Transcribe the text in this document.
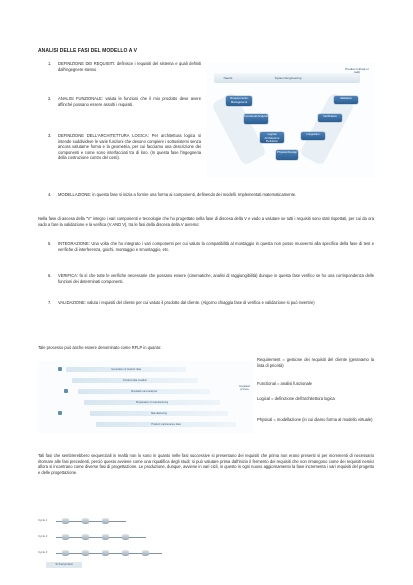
ANALISI DELLE FASI DEL MODELLO A V
1. DEFINIZIONE DEI REQUISITI: definisce i requisiti del sistema e quali definiti dall'ingegnere stesso
2. ANALISI FUNZIONALE: valuta le funzioni che il mio prodotto deve avere affinché possano essere assolti i requisiti.
3. DEFINIZIONE DELL'ARCHITETTURA LOGICA: Per architettura logica si intende suddividere le varie funzioni che devono compiere i sottosistemi senza ancora valutarne forma e la geometria, per cui facciamo una descrizione dei componenti e come sono interfacciati tra di loro. (In questa fase l'ingegneria della costruzione contro del costi).
4. MODELLAZIONE: in questa fase si inizia a fornire una forma ai componenti, definendo dei modelli. Implementati matematicamente.
Needs	System Engineering
Product (virtual or real)
Requirements Management
Functional Analysis
Logical Architecture Definition
Physical Design
Integration
Verification
Validation
Nella fase di ascesa della "V" integro i vari componenti e tecnologie che ho progettato nella fase di discesa della V e vado a valutare se tutti i requisiti sono stati rispettati, per cui da ora vado a fare la validazione e la verifica (V AND V), tra le fasi della discesa della V avremo:
5. INTEGRAZIONE: Una volta che ho integrato i vari componenti per cui valuto la compatibilità al montaggio in questa non posso muovermi alla specifica della fase di test e verifiche di interferenza, giochi, montaggio e smontaggio, etc.
6. VERIFICA: fa sì che tutte le verifiche necessarie che possano essere (cinematiche, analisi di raggiungibilità) dunque in questa fase verifico se ho una corrispondenza delle funzioni dei determinati componenti.
7. VALIDAZIONE: valuta i requisiti del cliente per cui valuto il prodotto dal cliente. (Algorno chiaggia fase di verifica e validazione si può invertire)
Tale processo può anche essere denominato come RFLP in quanto:
Generation of product data
Product data creation
Simulation and analysis
Preparation of manufacturing
Manufacturing
Product maintenance data
Integrated process
Requirement = gestione dei requisiti del cliente (geranamo la lista di priorità)
Functional = analisi funzionale
Logical = definizione dell'architettura logica
Physical = modellazione (in cui diamo forma al modello virtuale)
Tali fasi che sembrerebbero sequenziali in realtà non lo sono in quanto nelle fasi successive si presentano dei requisiti che prima non erano presenti si per incrementi di necessario ritornare alle fasi precedenti, perciò questo avviene come una riqualifica degli studi; si può valutare prima dall'inizio il fermento dei requisiti che non rimangono come dei requisiti nemici allora si incontrano come diverse fasi di progettazione. Le produzione, dunque, avviene in vari cicli, in questo in ogni nuovo aggiornamento la fase incrementa i vari requisiti del progetto e delle progettazione.
Cycle 1
Cycle 2
Cycle 3
To final product
